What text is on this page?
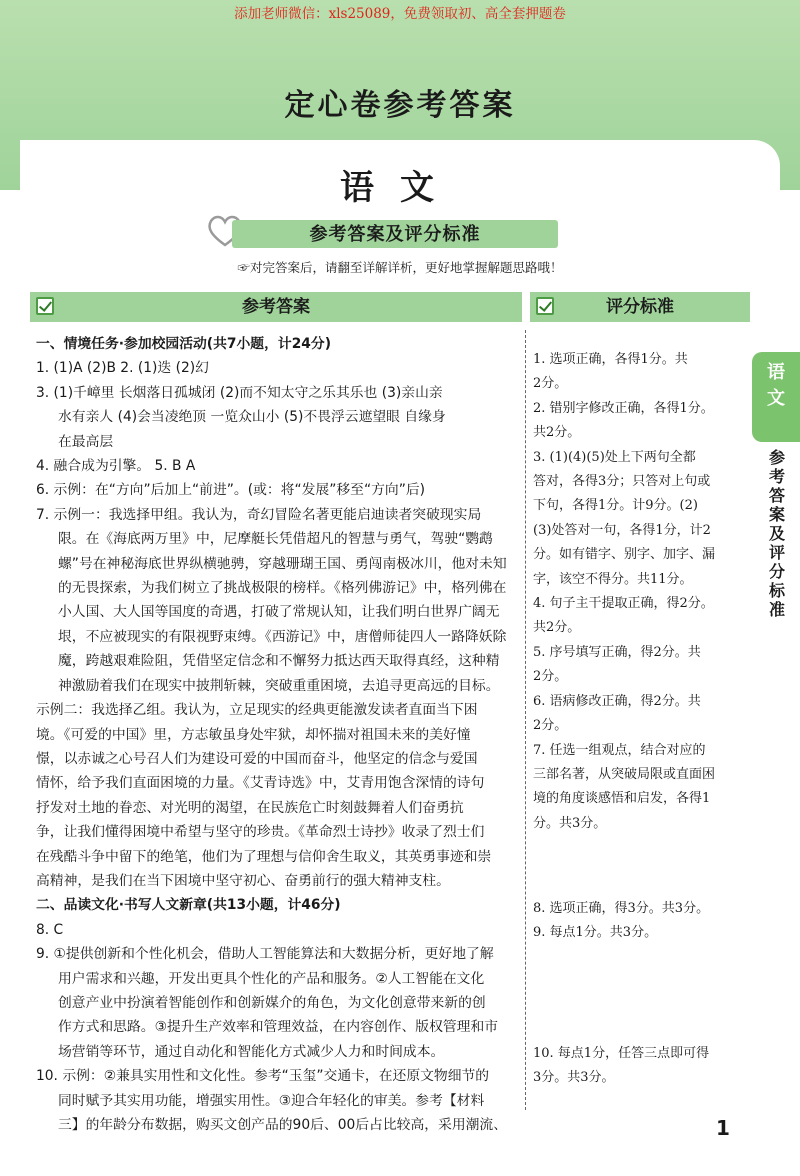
添加老师微信：xls25089，免费领取初、高全套押题卷
定心卷参考答案
语文
参考答案及评分标准
☞对完答案后，请翻至详解详析，更好地掌握解题思路哦！
参考答案	评分标准
语
文
参考答案及评分标准

一、情境任务·参加校园活动(共7小题，计24分)

1. (1)A (2)B 2. (1)迭 (2)幻

3. (1)千嶂里 长烟落日孤城闭 (2)而不知太守之乐其乐也 (3)亲山亲

水有亲人 (4)会当凌绝顶 一览众山小 (5)不畏浮云遮望眼 自缘身

在最高层

4. 融合成为引擎。 5. B A

6. 示例：在“方向”后加上“前进”。(或：将“发展”移至“方向”后)

7. 示例一：我选择甲组。我认为，奇幻冒险名著更能启迪读者突破现实局

限。在《海底两万里》中，尼摩艇长凭借超凡的智慧与勇气，驾驶“鹦鹉

螺”号在神秘海底世界纵横驰骋，穿越珊瑚王国、勇闯南极冰川，他对未知

的无畏探索，为我们树立了挑战极限的榜样。《格列佛游记》中，格列佛在

小人国、大人国等国度的奇遇，打破了常规认知，让我们明白世界广阔无

垠，不应被现实的有限视野束缚。《西游记》中，唐僧师徒四人一路降妖除

魔，跨越艰难险阻，凭借坚定信念和不懈努力抵达西天取得真经，这种精

神激励着我们在现实中披荆斩棘，突破重重困境，去追寻更高远的目标。

示例二：我选择乙组。我认为，立足现实的经典更能激发读者直面当下困

境。《可爱的中国》里，方志敏虽身处牢狱，却怀揣对祖国未来的美好憧

憬，以赤诚之心号召人们为建设可爱的中国而奋斗，他坚定的信念与爱国

情怀，给予我们直面困境的力量。《艾青诗选》中，艾青用饱含深情的诗句

抒发对土地的眷恋、对光明的渴望，在民族危亡时刻鼓舞着人们奋勇抗

争，让我们懂得困境中希望与坚守的珍贵。《革命烈士诗抄》收录了烈士们

在残酷斗争中留下的绝笔，他们为了理想与信仰舍生取义，其英勇事迹和崇

高精神，是我们在当下困境中坚守初心、奋勇前行的强大精神支柱。

二、品读文化·书写人文新章(共13小题，计46分)

8. C

9. ①提供创新和个性化机会，借助人工智能算法和大数据分析，更好地了解

用户需求和兴趣，开发出更具个性化的产品和服务。②人工智能在文化

创意产业中扮演着智能创作和创新媒介的角色，为文化创意带来新的创

作方式和思路。③提升生产效率和管理效益，在内容创作、版权管理和市

场营销等环节，通过自动化和智能化方式减少人力和时间成本。

10. 示例：②兼具实用性和文化性。参考“玉玺”交通卡，在还原文物细节的

同时赋予其实用功能，增强实用性。③迎合年轻化的审美。参考【材料

三】的年龄分布数据，购买文创产品的90后、00后占比较高，采用潮流、

1. 选项正确，各得1分。共

2分。

2. 错别字修改正确，各得1分。

共2分。

3. (1)(4)(5)处上下两句全都

答对，各得3分；只答对上句或

下句，各得1分。计9分。(2)

(3)处答对一句，各得1分，计2

分。如有错字、别字、加字、漏

字，该空不得分。共11分。

4. 句子主干提取正确，得2分。

共2分。

5. 序号填写正确，得2分。共

2分。

6. 语病修改正确，得2分。共

2分。

7. 任选一组观点，结合对应的

三部名著，从突破局限或直面困

境的角度谈感悟和启发，各得1

分。共3分。

8. 选项正确，得3分。共3分。

9. 每点1分。共3分。

10. 每点1分，任答三点即可得

3分。共3分。

1
